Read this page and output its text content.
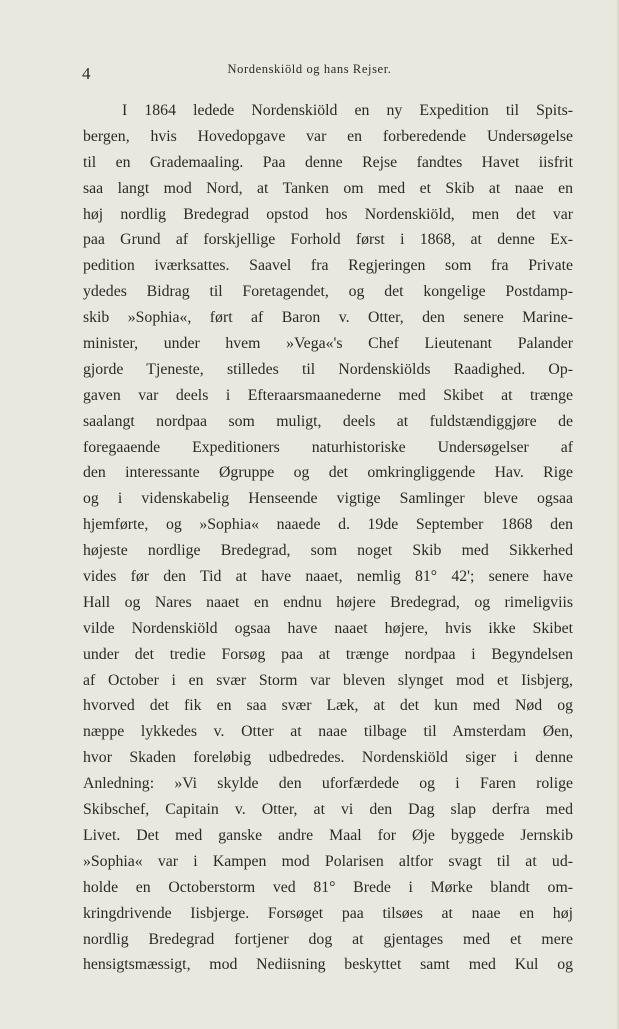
4	Nordenskiöld og hans Rejser.
I 1864 ledede Nordenskiöld en ny Expedition til Spits-
bergen, hvis Hovedopgave var en forberedende Undersøgelse
til en Grademaaling. Paa denne Rejse fandtes Havet iisfrit
saa langt mod Nord, at Tanken om med et Skib at naae en
høj nordlig Bredegrad opstod hos Nordenskiöld, men det var
paa Grund af forskjellige Forhold først i 1868, at denne Ex-
pedition iværksattes. Saavel fra Regjeringen som fra Private
ydedes Bidrag til Foretagendet, og det kongelige Postdamp-
skib »Sophia«, ført af Baron v. Otter, den senere Marine-
minister, under hvem »Vega«'s Chef Lieutenant Palander
gjorde Tjeneste, stilledes til Nordenskiölds Raadighed. Op-
gaven var deels i Efteraarsmaanederne med Skibet at trænge
saalangt nordpaa som muligt, deels at fuldstændiggjøre de
foregaaende Expeditioners naturhistoriske Undersøgelser af
den interessante Øgruppe og det omkringliggende Hav. Rige
og i videnskabelig Henseende vigtige Samlinger bleve ogsaa
hjemførte, og »Sophia« naaede d. 19de September 1868 den
højeste nordlige Bredegrad, som noget Skib med Sikkerhed
vides før den Tid at have naaet, nemlig 81° 42'; senere have
Hall og Nares naaet en endnu højere Bredegrad, og rimeligviis
vilde Nordenskiöld ogsaa have naaet højere, hvis ikke Skibet
under det tredie Forsøg paa at trænge nordpaa i Begyndelsen
af October i en svær Storm var bleven slynget mod et Iisbjerg,
hvorved det fik en saa svær Læk, at det kun med Nød og
næppe lykkedes v. Otter at naae tilbage til Amsterdam Øen,
hvor Skaden foreløbig udbedredes. Nordenskiöld siger i denne
Anledning: »Vi skylde den uforfærdede og i Faren rolige
Skibschef, Capitain v. Otter, at vi den Dag slap derfra med
Livet. Det med ganske andre Maal for Øje byggede Jernskib
»Sophia« var i Kampen mod Polarisen altfor svagt til at ud-
holde en Octoberstorm ved 81° Brede i Mørke blandt om-
kringdrivende Iisbjerge. Forsøget paa tilsøes at naae en høj
nordlig Bredegrad fortjener dog at gjentages med et mere
hensigtsmæssigt, mod Nediisning beskyttet samt med Kul og
